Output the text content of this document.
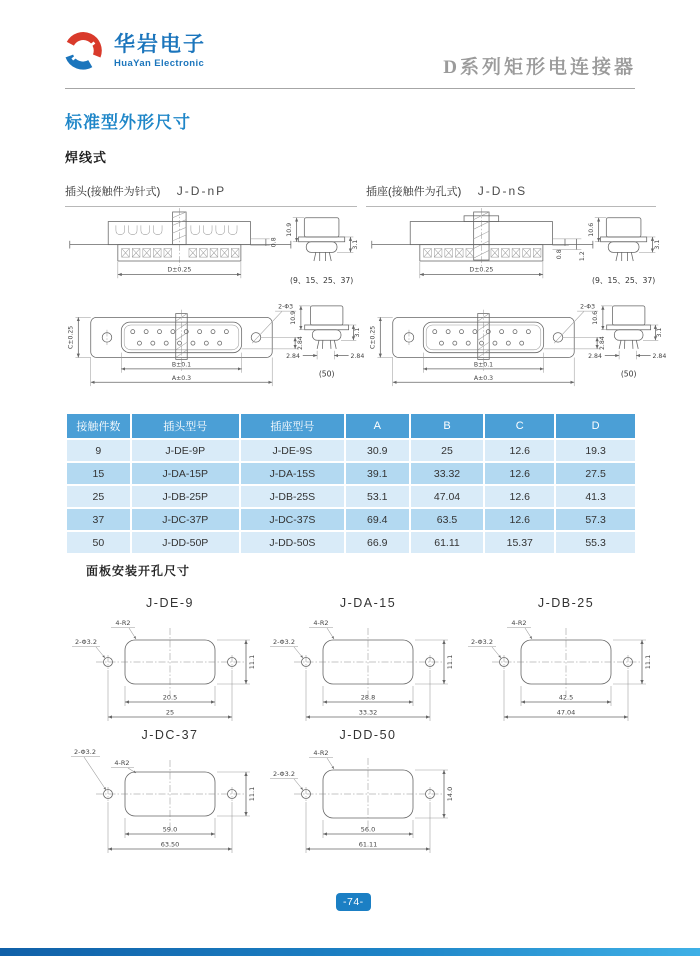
华岩电子
HuaYan Electronic	D系列矩形电连接器
标准型外形尺寸
焊线式
插头(接触件为针式) J-D-nP	插座(接触件为孔式) J-D-nS
D±0.25
0.8
10.9
3.1
(9、15、25、37)
D±0.25
0.8 1.2
10.6
3.1
(9、15、25、37)
2-Φ3
2.84
C±0.25
B±0.1
A±0.3
10.9
3.1
2.84	2.84
(50)
2-Φ3
2.84
C±0.25
B±0.1
A±0.3
10.6
3.1
2.84	2.84
(50)
接触件数	插头型号	插座型号	A	B	C	D
9	J-DE-9P	J-DE-9S	30.9	25	12.6	19.3
15	J-DA-15P	J-DA-15S	39.1	33.32	12.6	27.5
25	J-DB-25P	J-DB-25S	53.1	47.04	12.6	41.3
37	J-DC-37P	J-DC-37S	69.4	63.5	12.6	57.3
50	J-DD-50P	J-DD-50S	66.9	61.11	15.37	55.3
面板安装开孔尺寸
J-DE-9
4-R2
2-Φ3.2
11.1
20.5
25
J-DA-15
4-R2
2-Φ3.2
11.1
28.8
33.32
J-DB-25
4-R2
2-Φ3.2
11.1
42.5
47.04
J-DC-37
2-Φ3.2
4-R2
11.1
59.0
63.50
J-DD-50
4-R2
2-Φ3.2
14.0
56.0
61.11
-74-
